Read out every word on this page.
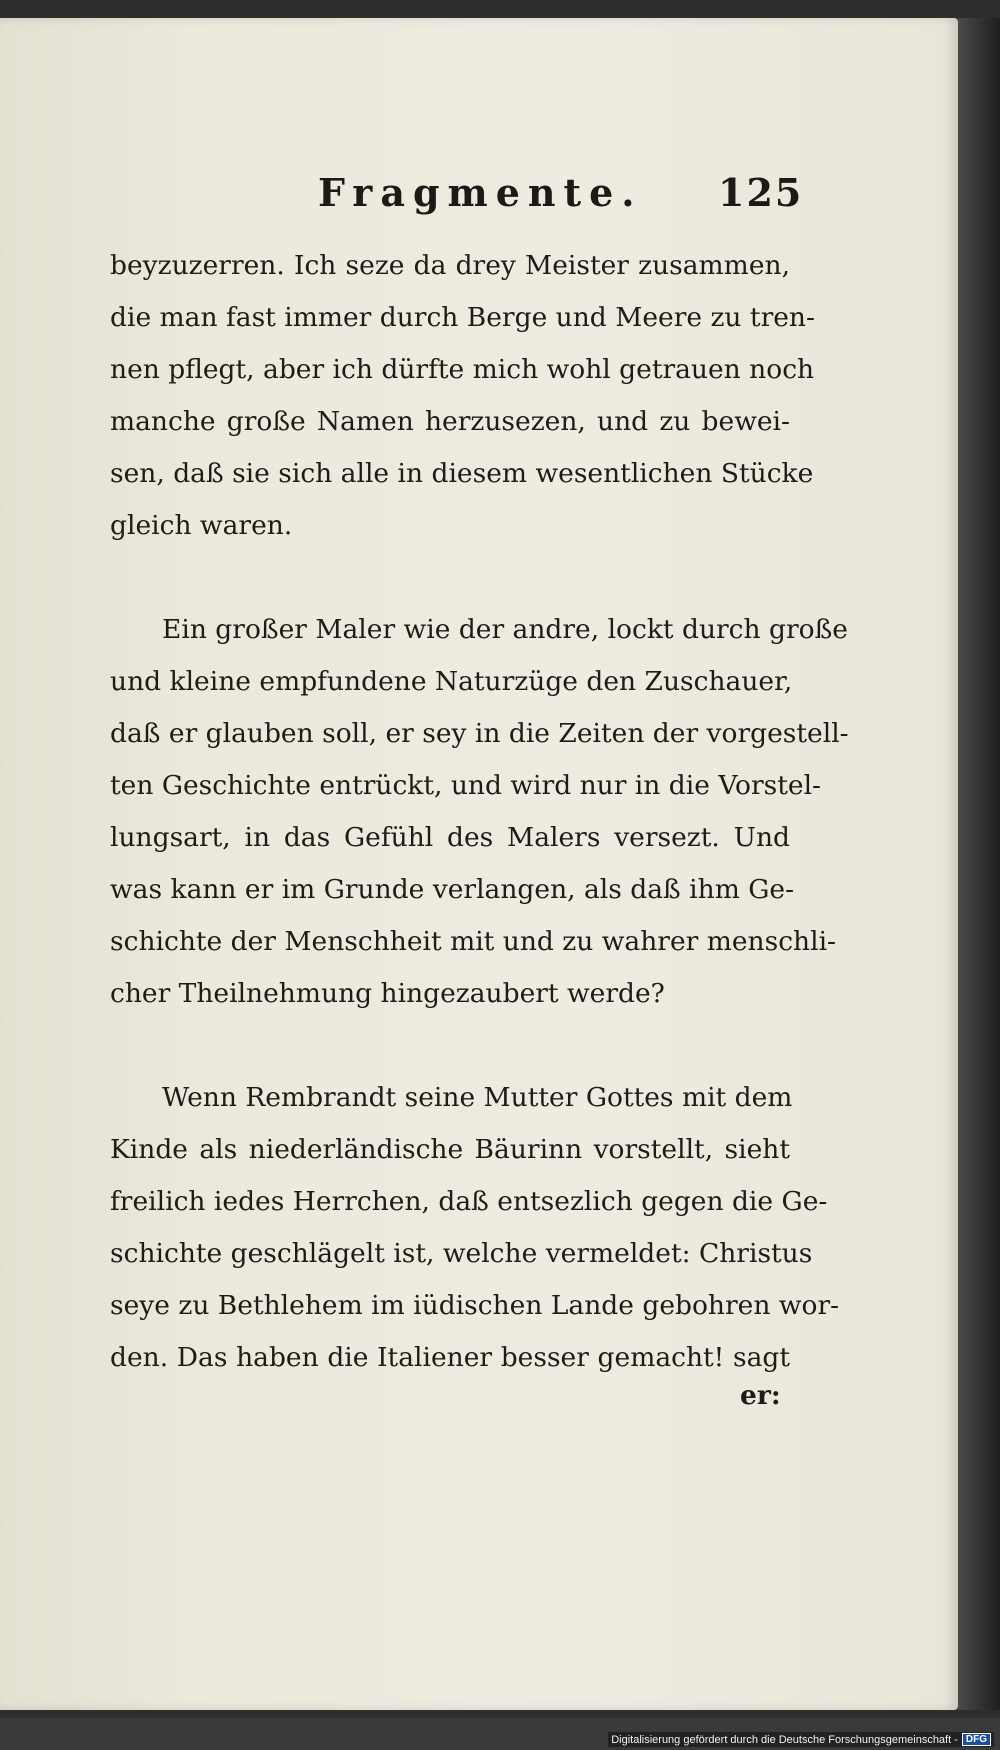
Fragmente. 125
beyzuzerren. Ich seze da drey Meister zusammen,
die man fast immer durch Berge und Meere zu tren-
nen pflegt, aber ich dürfte mich wohl getrauen noch
manche große Namen herzusezen, und zu bewei-
sen, daß sie sich alle in diesem wesentlichen Stücke
gleich waren.
Ein großer Maler wie der andre, lockt durch große
und kleine empfundene Naturzüge den Zuschauer,
daß er glauben soll, er sey in die Zeiten der vorgestell-
ten Geschichte entrückt, und wird nur in die Vorstel-
lungsart, in das Gefühl des Malers versezt. Und
was kann er im Grunde verlangen, als daß ihm Ge-
schichte der Menschheit mit und zu wahrer menschli-
cher Theilnehmung hingezaubert werde?
Wenn Rembrandt seine Mutter Gottes mit dem
Kinde als niederländische Bäurinn vorstellt, sieht
freilich iedes Herrchen, daß entsezlich gegen die Ge-
schichte geschlägelt ist, welche vermeldet: Christus
seye zu Bethlehem im iüdischen Lande gebohren wor-
den. Das haben die Italiener besser gemacht! sagt
er:
Digitalisierung gefördert durch die Deutsche Forschungsgemeinschaft - DFG
